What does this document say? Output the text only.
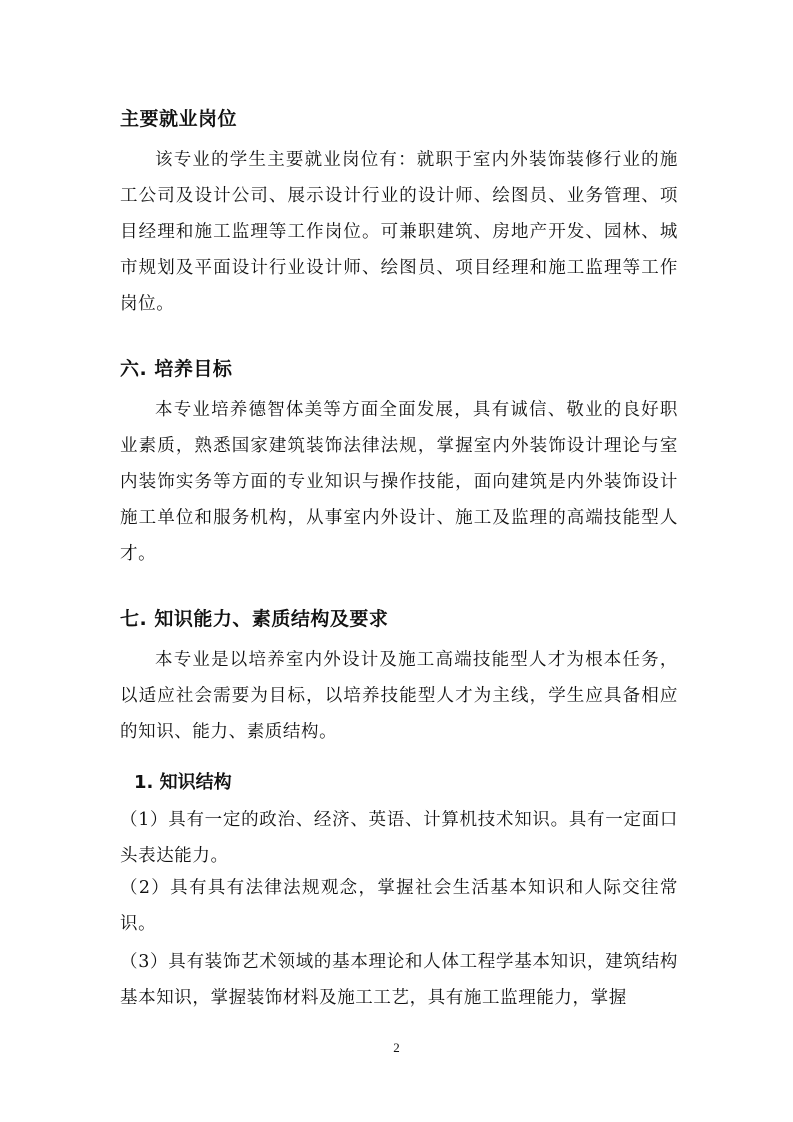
主要就业岗位

该专业的学生主要就业岗位有：就职于室内外装饰装修行业的施工公司及设计公司、展示设计行业的设计师、绘图员、业务管理、项目经理和施工监理等工作岗位。可兼职建筑、房地产开发、园林、城市规划及平面设计行业设计师、绘图员、项目经理和施工监理等工作岗位。

六. 培养目标

本专业培养德智体美等方面全面发展，具有诚信、敬业的良好职业素质，熟悉国家建筑装饰法律法规，掌握室内外装饰设计理论与室内装饰实务等方面的专业知识与操作技能，面向建筑是内外装饰设计施工单位和服务机构，从事室内外设计、施工及监理的高端技能型人才。

七. 知识能力、素质结构及要求

本专业是以培养室内外设计及施工高端技能型人才为根本任务，以适应社会需要为目标，以培养技能型人才为主线，学生应具备相应的知识、能力、素质结构。

1. 知识结构

（1）具有一定的政治、经济、英语、计算机技术知识。具有一定面口头表达能力。

（2）具有具有法律法规观念，掌握社会生活基本知识和人际交往常识。

（3）具有装饰艺术领域的基本理论和人体工程学基本知识，建筑结构基本知识，掌握装饰材料及施工工艺，具有施工监理能力，掌握

2
